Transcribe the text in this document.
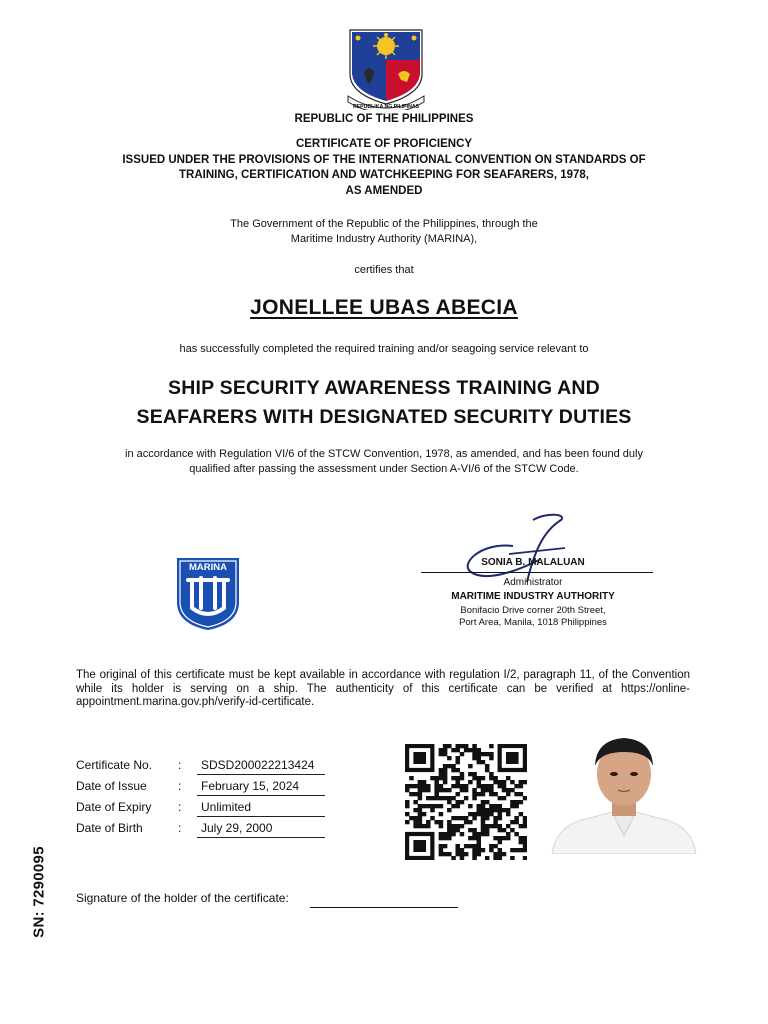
REPUBLIKA NG PILIPINAS
REPUBLIC OF THE PHILIPPINES
CERTIFICATE OF PROFICIENCY
ISSUED UNDER THE PROVISIONS OF THE INTERNATIONAL CONVENTION ON STANDARDS OF
TRAINING, CERTIFICATION AND WATCHKEEPING FOR SEAFARERS, 1978,
AS AMENDED
The Government of the Republic of the Philippines, through the
Maritime Industry Authority (MARINA),
certifies that
JONELLEE UBAS ABECIA
has successfully completed the required training and/or seagoing service relevant to
SHIP SECURITY AWARENESS TRAINING AND
SEAFARERS WITH DESIGNATED SECURITY DUTIES
in accordance with Regulation VI/6 of the STCW Convention, 1978, as amended, and has been found duly
qualified after passing the assessment under Section A-VI/6 of the STCW Code.
MARINA	SONIA B. MALALUAN
Administrator
MARITIME INDUSTRY AUTHORITY
Bonifacio Drive corner 20th Street,
Port Area, Manila, 1018 Philippines
The original of this certificate must be kept available in accordance with regulation I/2, paragraph 11, of the Convention while its holder is serving on a ship. The authenticity of this certificate can be verified at https://online-appointment.marina.gov.ph/verify-id-certificate.
Certificate No. :	SDSD200022213424
Date of Issue	:	February 15, 2024
Date of Expiry :	Unlimited
Date of Birth	:	July 29, 2000
SN: 7290095 Signature of the holder of the certificate:
